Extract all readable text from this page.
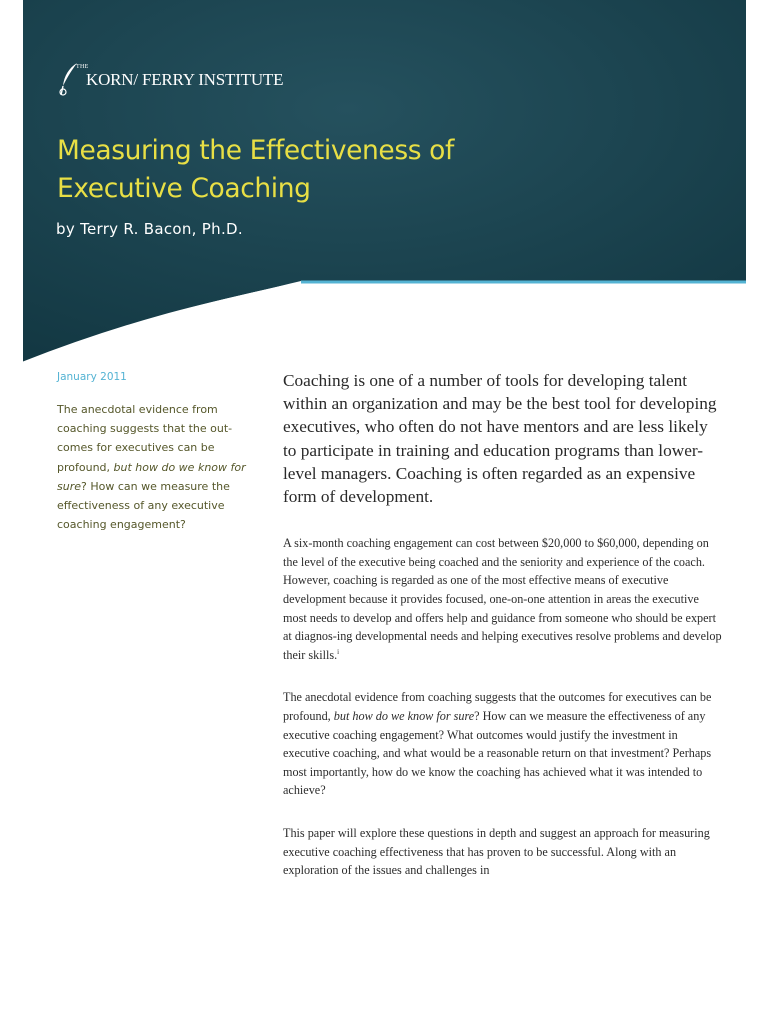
THE
KORN/ FERRY INSTITUTE
Measuring the Effectiveness of
Executive Coaching
by Terry R. Bacon, Ph.D.
January 2011

The anecdotal evidence from coaching suggests that the out-comes for executives can be profound, but how do we know for sure? How can we measure the effectiveness of any executive coaching engagement?

Coaching is one of a number of tools for developing talent within an organization and may be the best tool for developing executives, who often do not have mentors and are less likely to participate in training and education programs than lower-level managers. Coaching is often regarded as an expensive form of development.

A six-month coaching engagement can cost between $20,000 to $60,000, depending on the level of the executive being coached and the seniority and experience of the coach. However, coaching is regarded as one of the most effective means of executive development because it provides focused, one-on-one attention in areas the executive most needs to develop and offers help and guidance from someone who should be expert at diagnos-ing developmental needs and helping executives resolve problems and develop their skills.$^i$

The anecdotal evidence from coaching suggests that the outcomes for executives can be profound, but how do we know for sure? How can we measure the effectiveness of any executive coaching engagement? What outcomes would justify the investment in executive coaching, and what would be a reasonable return on that investment? Perhaps most importantly, how do we know the coaching has achieved what it was intended to achieve?

This paper will explore these questions in depth and suggest an approach for measuring executive coaching effectiveness that has proven to be successful. Along with an exploration of the issues and challenges in
